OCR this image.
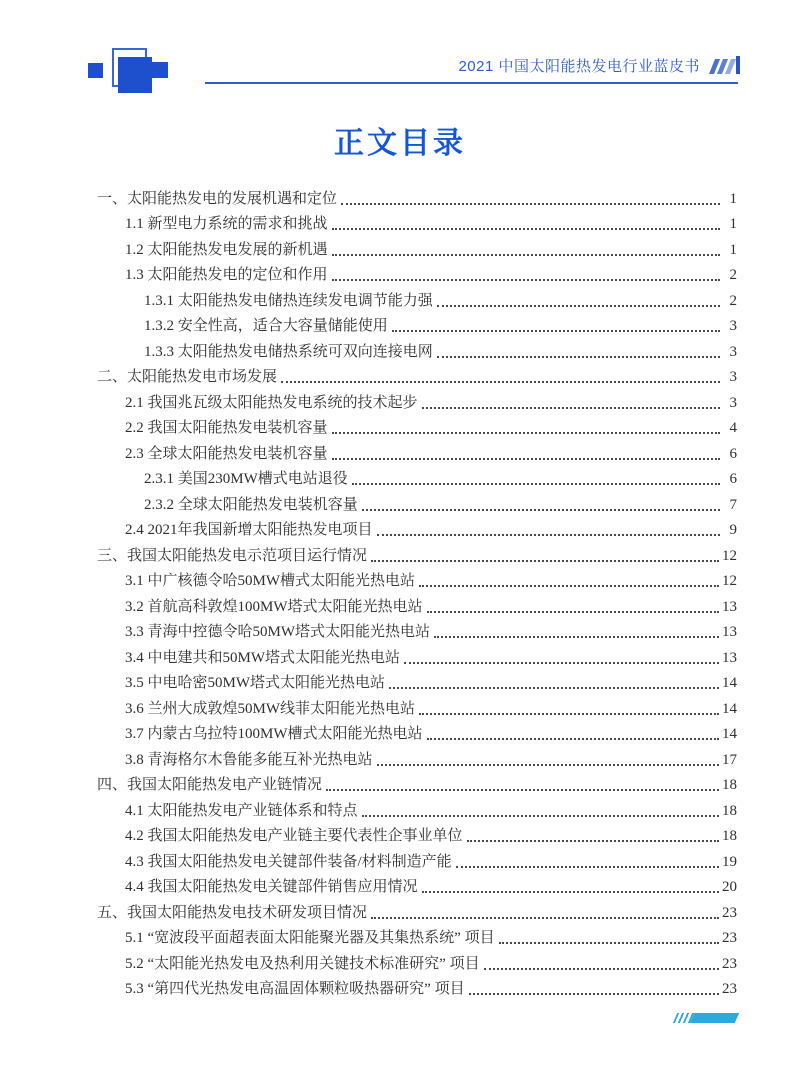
2021 中国太阳能热发电行业蓝皮书
正文目录
一、太阳能热发电的发展机遇和定位	1
1.1 新型电力系统的需求和挑战	1
1.2 太阳能热发电发展的新机遇	1
1.3 太阳能热发电的定位和作用	2
1.3.1 太阳能热发电储热连续发电调节能力强	2
1.3.2 安全性高，适合大容量储能使用	3
1.3.3 太阳能热发电储热系统可双向连接电网	3
二、太阳能热发电市场发展	3
2.1 我国兆瓦级太阳能热发电系统的技术起步	3
2.2 我国太阳能热发电装机容量	4
2.3 全球太阳能热发电装机容量	6
2.3.1 美国230MW槽式电站退役	6
2.3.2 全球太阳能热发电装机容量	7
2.4 2021年我国新增太阳能热发电项目	9
三、我国太阳能热发电示范项目运行情况	12
3.1 中广核德令哈50MW槽式太阳能光热电站	12
3.2 首航高科敦煌100MW塔式太阳能光热电站	13
3.3 青海中控德令哈50MW塔式太阳能光热电站	13
3.4 中电建共和50MW塔式太阳能光热电站	13
3.5 中电哈密50MW塔式太阳能光热电站	14
3.6 兰州大成敦煌50MW线菲太阳能光热电站	14
3.7 内蒙古乌拉特100MW槽式太阳能光热电站	14
3.8 青海格尔木鲁能多能互补光热电站	17
四、我国太阳能热发电产业链情况	18
4.1 太阳能热发电产业链体系和特点	18
4.2 我国太阳能热发电产业链主要代表性企事业单位	18
4.3 我国太阳能热发电关键部件装备/材料制造产能	19
4.4 我国太阳能热发电关键部件销售应用情况	20
五、我国太阳能热发电技术研发项目情况	23
5.1 “宽波段平面超表面太阳能聚光器及其集热系统” 项目	23
5.2 “太阳能光热发电及热利用关键技术标准研究” 项目	23
5.3 “第四代光热发电高温固体颗粒吸热器研究” 项目	23
